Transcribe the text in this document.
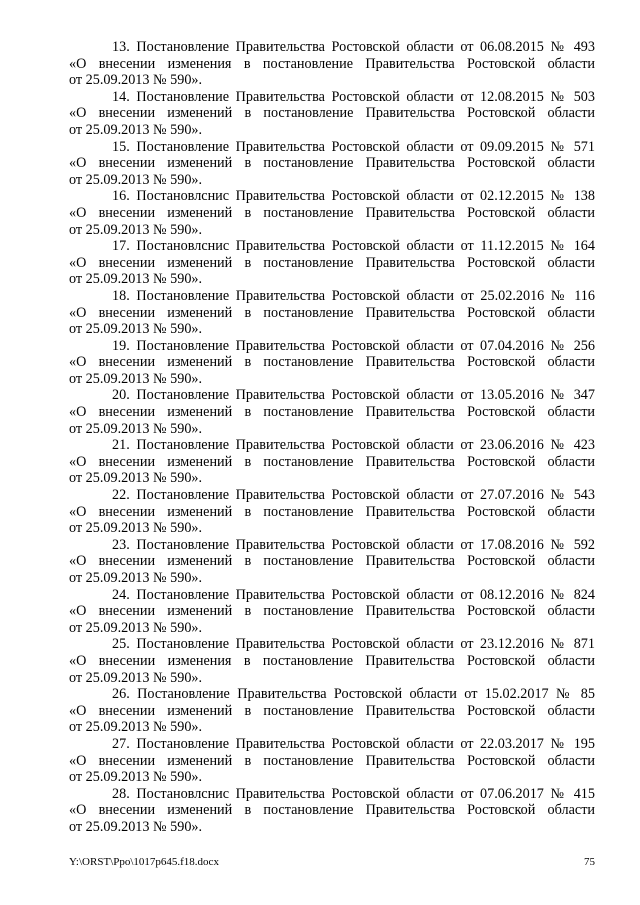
13. Постановление Правительства Ростовской области от 06.08.2015 № 493
«О внесении изменения в постановление Правительства Ростовской области
от 25.09.2013 № 590».
14. Постановление Правительства Ростовской области от 12.08.2015 № 503
«О внесении изменений в постановление Правительства Ростовской области
от 25.09.2013 № 590».
15. Постановление Правительства Ростовской области от 09.09.2015 № 571
«О внесении изменений в постановление Правительства Ростовской области
от 25.09.2013 № 590».
16. Постановлснис Правительства Ростовской области от 02.12.2015 № 138
«О внесении изменений в постановление Правительства Ростовской области
от 25.09.2013 № 590».
17. Постановлснис Правительства Ростовской области от 11.12.2015 № 164
«О внесении изменений в постановление Правительства Ростовской области
от 25.09.2013 № 590».
18. Постановление Правительства Ростовской области от 25.02.2016 № 116
«О внесении изменений в постановление Правительства Ростовской области
от 25.09.2013 № 590».
19. Постановление Правительства Ростовской области от 07.04.2016 № 256
«О внесении изменений в постановление Правительства Ростовской области
от 25.09.2013 № 590».
20. Постановление Правительства Ростовской области от 13.05.2016 № 347
«О внесении изменений в постановление Правительства Ростовской области
от 25.09.2013 № 590».
21. Постановление Правительства Ростовской области от 23.06.2016 № 423
«О внесении изменений в постановление Правительства Ростовской области
от 25.09.2013 № 590».
22. Постановление Правительства Ростовской области от 27.07.2016 № 543
«О внесении изменений в постановление Правительства Ростовской области
от 25.09.2013 № 590».
23. Постановление Правительства Ростовской области от 17.08.2016 № 592
«О внесении изменений в постановление Правительства Ростовской области
от 25.09.2013 № 590».
24. Постановление Правительства Ростовской области от 08.12.2016 № 824
«О внесении изменений в постановление Правительства Ростовской области
от 25.09.2013 № 590».
25. Постановление Правительства Ростовской области от 23.12.2016 № 871
«О внесении изменения в постановление Правительства Ростовской области
от 25.09.2013 № 590».
26. Постановление Правительства Ростовской области от 15.02.2017 № 85
«О внесении изменений в постановление Правительства Ростовской области
от 25.09.2013 № 590».
27. Постановление Правительства Ростовской области от 22.03.2017 № 195
«О внесении изменений в постановление Правительства Ростовской области
от 25.09.2013 № 590».
28. Постановлснис Правительства Ростовской области от 07.06.2017 № 415
«О внесении изменений в постановление Правительства Ростовской области
от 25.09.2013 № 590».
Y:\ORST\Ppo\1017p645.f18.docx	75
